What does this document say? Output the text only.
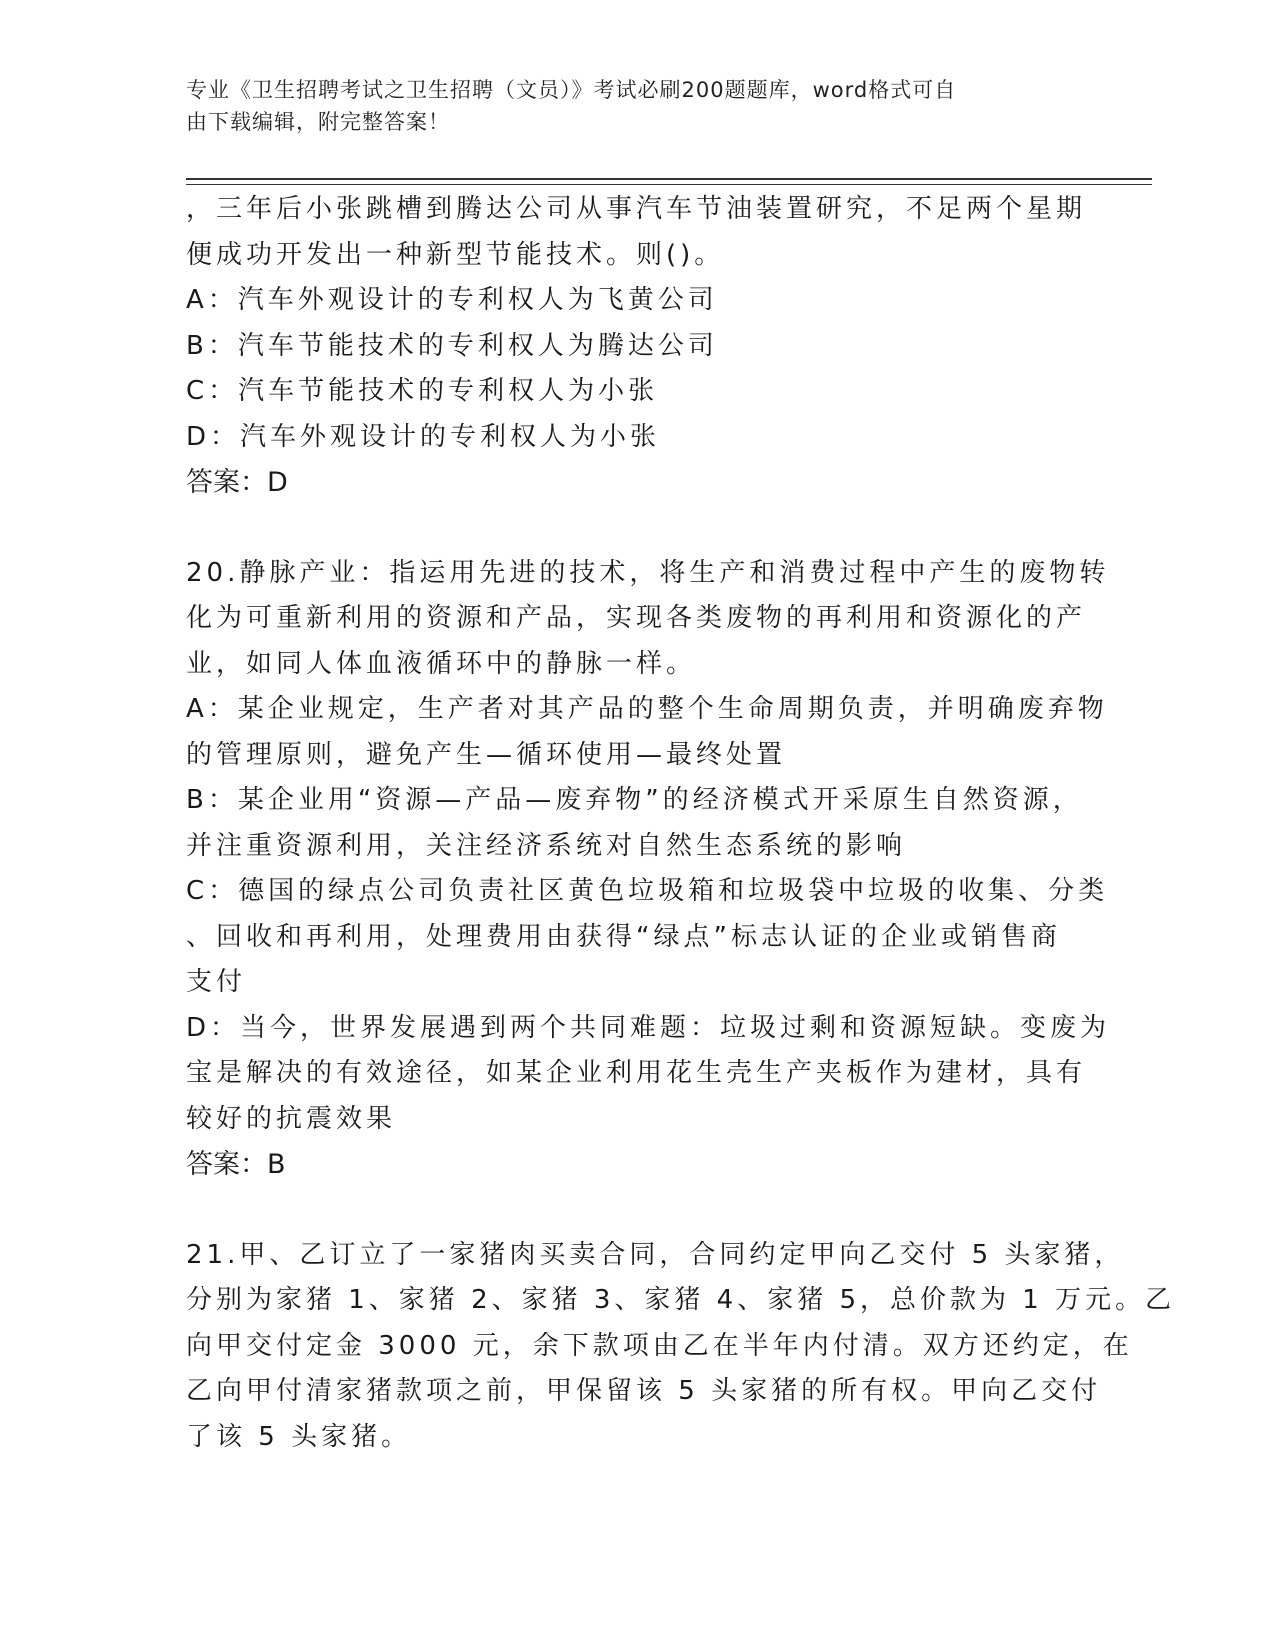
专业《卫生招聘考试之卫生招聘（文员）》考试必刷200题题库，word格式可自
由下载编辑，附完整答案！
，三年后小张跳槽到腾达公司从事汽车节油装置研究，不足两个星期
便成功开发出一种新型节能技术。则()。
A：汽车外观设计的专利权人为飞黄公司
B：汽车节能技术的专利权人为腾达公司
C：汽车节能技术的专利权人为小张
D：汽车外观设计的专利权人为小张
答案：D
20.静脉产业：指运用先进的技术，将生产和消费过程中产生的废物转
化为可重新利用的资源和产品，实现各类废物的再利用和资源化的产
业，如同人体血液循环中的静脉一样。
A：某企业规定，生产者对其产品的整个生命周期负责，并明确废弃物
的管理原则，避免产生—循环使用—最终处置
B：某企业用“资源—产品—废弃物”的经济模式开采原生自然资源，
并注重资源利用，关注经济系统对自然生态系统的影响
C：德国的绿点公司负责社区黄色垃圾箱和垃圾袋中垃圾的收集、分类
、回收和再利用，处理费用由获得“绿点”标志认证的企业或销售商
支付
D：当今，世界发展遇到两个共同难题：垃圾过剩和资源短缺。变废为
宝是解决的有效途径，如某企业利用花生壳生产夹板作为建材，具有
较好的抗震效果
答案：B
21.甲、乙订立了一家猪肉买卖合同，合同约定甲向乙交付 5 头家猪，
分别为家猪 1、家猪 2、家猪 3、家猪 4、家猪 5，总价款为 1 万元。乙
向甲交付定金 3000 元，余下款项由乙在半年内付清。双方还约定，在
乙向甲付清家猪款项之前，甲保留该 5 头家猪的所有权。甲向乙交付
了该 5 头家猪。
